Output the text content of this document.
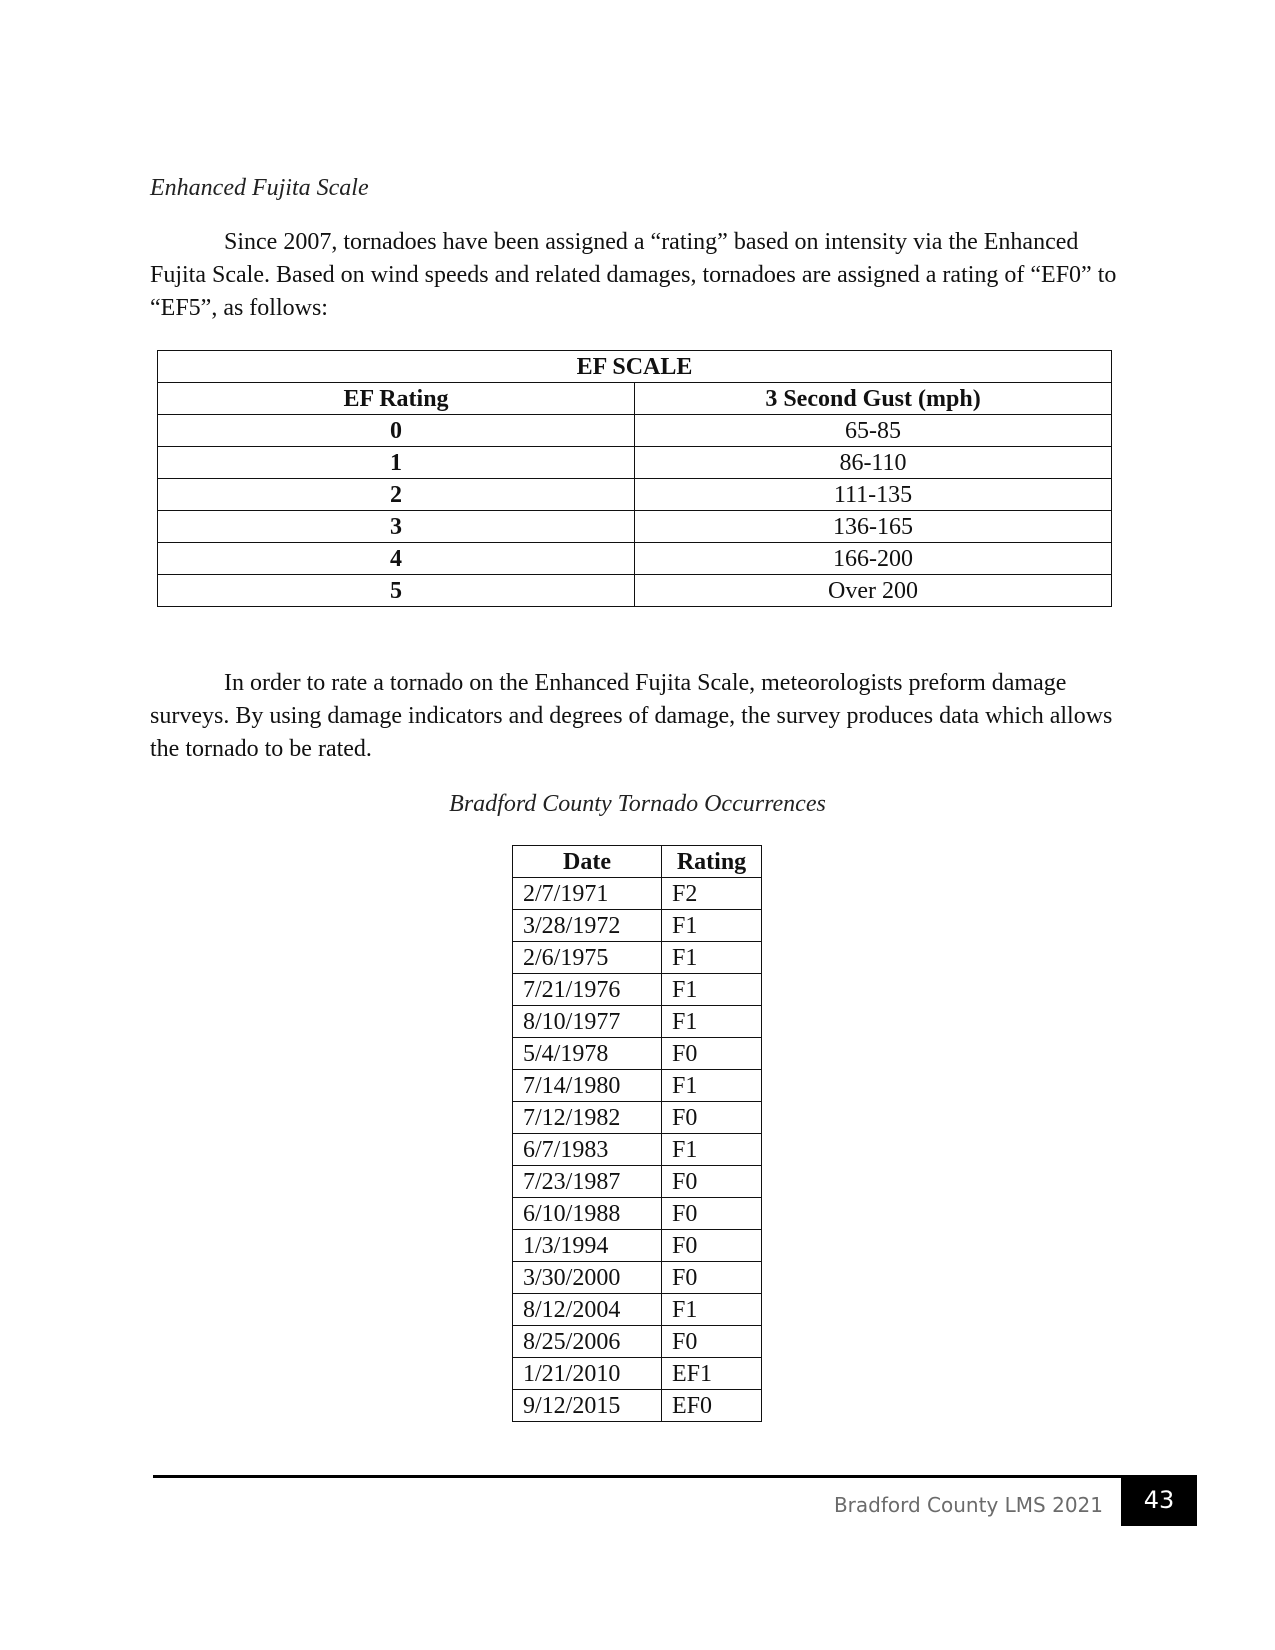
Enhanced Fujita Scale
Since 2007, tornadoes have been assigned a “rating” based on intensity via the Enhanced Fujita Scale. Based on wind speeds and related damages, tornadoes are assigned a rating of “EF0” to “EF5”, as follows:
EF SCALE	
EF Rating	3 Second Gust (mph)
0	65-85
1	86-110
2	111-135
3	136-165
4	166-200
5	Over 200
In order to rate a tornado on the Enhanced Fujita Scale, meteorologists preform damage surveys. By using damage indicators and degrees of damage, the survey produces data which allows the tornado to be rated.
Bradford County Tornado Occurrences
Date	Rating
2/7/1971	F2
3/28/1972	F1
2/6/1975	F1
7/21/1976	F1
8/10/1977	F1
5/4/1978	F0
7/14/1980	F1
7/12/1982	F0
6/7/1983	F1
7/23/1987	F0
6/10/1988	F0
1/3/1994	F0
3/30/2000	F0
8/12/2004	F1
8/25/2006	F0
1/21/2010	EF1
9/12/2015	EF0
Bradford County LMS 2021	43
